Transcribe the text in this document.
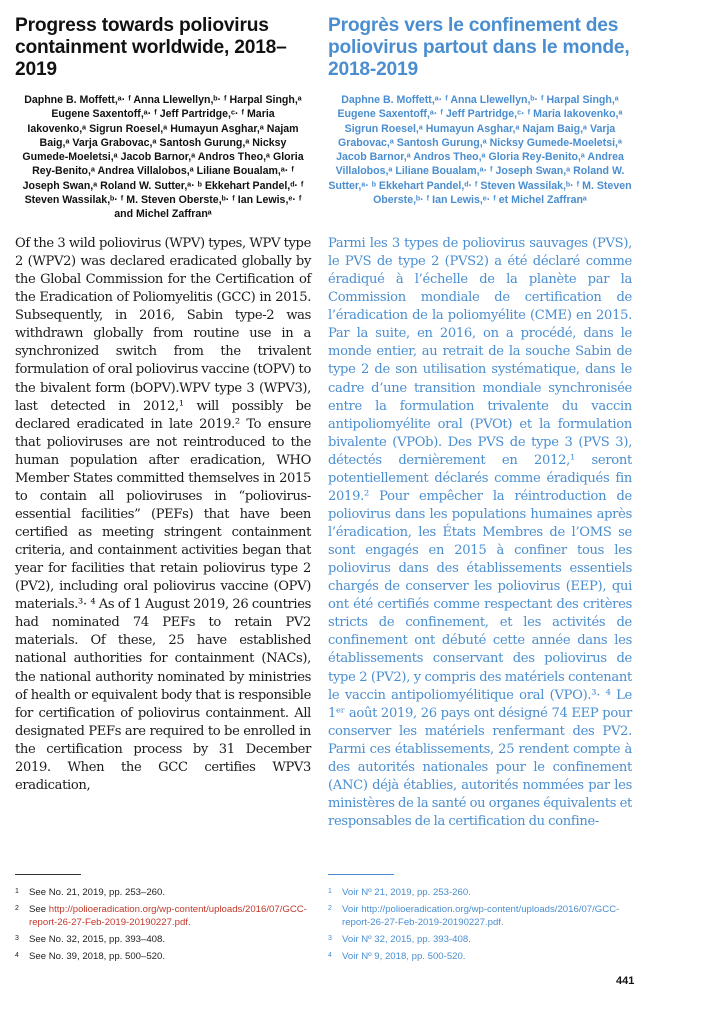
Progress towards poliovirus containment worldwide, 2018–2019

Daphne B. Moffett,ᵃ· ᶠ Anna Llewellyn,ᵇ· ᶠ Harpal Singh,ᵃ Eugene Saxentoff,ᵃ· ᶠ Jeff Partridge,ᶜ· ᶠ Maria Iakovenko,ᵃ Sigrun Roesel,ᵃ Humayun Asghar,ᵃ Najam Baig,ᵃ Varja Grabovac,ᵃ Santosh Gurung,ᵃ Nicksy Gumede-Moeletsi,ᵃ Jacob Barnor,ᵃ Andros Theo,ᵃ Gloria Rey-Benito,ᵃ Andrea Villalobos,ᵃ Liliane Boualam,ᵃ· ᶠ Joseph Swan,ᵃ Roland W. Sutter,ᵃ· ᵇ Ekkehart Pandel,ᵈ· ᶠ Steven Wassilak,ᵇ· ᶠ M. Steven Oberste,ᵇ· ᶠ Ian Lewis,ᵉ· ᶠ and Michel Zaffranᵃ

Of the 3 wild poliovirus (WPV) types, WPV type 2 (WPV2) was declared eradicated globally by the Global Commission for the Certification of the Eradication of Poliomyelitis (GCC) in 2015. Subsequently, in 2016, Sabin type-2 was withdrawn globally from routine use in a synchronized switch from the trivalent formulation of oral poliovirus vaccine (tOPV) to the bivalent form (bOPV).WPV type 3 (WPV3), last detected in 2012,¹ will possibly be declared eradicated in late 2019.² To ensure that polioviruses are not reintroduced to the human population after eradication, WHO Member States committed themselves in 2015 to contain all polioviruses in “poliovirus-essential facilities” (PEFs) that have been certified as meeting stringent containment criteria, and containment activities began that year for facilities that retain poliovirus type 2 (PV2), including oral poliovirus vaccine (OPV) materials.³· ⁴ As of 1 August 2019, 26 countries had nominated 74 PEFs to retain PV2 materials. Of these, 25 have established national authorities for containment (NACs), the national authority nominated by ministries of health or equivalent body that is responsible for certification of poliovirus containment. All designated PEFs are required to be enrolled in the certification process by 31 December 2019. When the GCC certifies WPV3 eradication,

Progrès vers le confinement des poliovirus partout dans le monde, 2018-2019

Daphne B. Moffett,ᵃ· ᶠ Anna Llewellyn,ᵇ· ᶠ Harpal Singh,ᵃ Eugene Saxentoff,ᵃ· ᶠ Jeff Partridge,ᶜ· ᶠ Maria Iakovenko,ᵃ Sigrun Roesel,ᵃ Humayun Asghar,ᵃ Najam Baig,ᵃ Varja Grabovac,ᵃ Santosh Gurung,ᵃ Nicksy Gumede-Moeletsi,ᵃ Jacob Barnor,ᵃ Andros Theo,ᵃ Gloria Rey-Benito,ᵃ Andrea Villalobos,ᵃ Liliane Boualam,ᵃ· ᶠ Joseph Swan,ᵃ Roland W. Sutter,ᵃ· ᵇ Ekkehart Pandel,ᵈ· ᶠ Steven Wassilak,ᵇ· ᶠ M. Steven Oberste,ᵇ· ᶠ Ian Lewis,ᵉ· ᶠ et Michel Zaffranᵃ

Parmi les 3 types de poliovirus sauvages (PVS), le PVS de type 2 (PVS2) a été déclaré comme éradiqué à l’échelle de la planète par la Commission mondiale de certification de l’éradication de la poliomyélite (CME) en 2015. Par la suite, en 2016, on a procédé, dans le monde entier, au retrait de la souche Sabin de type 2 de son utilisation systématique, dans le cadre d’une transition mondiale synchronisée entre la formulation trivalente du vaccin antipoliomyélite oral (PVOt) et la formulation bivalente (VPOb). Des PVS de type 3 (PVS 3), détectés dernièrement en 2012,¹ seront potentiellement déclarés comme éradiqués fin 2019.² Pour empêcher la réintroduction de poliovirus dans les populations humaines après l’éradication, les États Membres de l’OMS se sont engagés en 2015 à confiner tous les poliovirus dans des établissements essentiels chargés de conserver les poliovirus (EEP), qui ont été certifiés comme respectant des critères stricts de confinement, et les activités de confinement ont débuté cette année dans les établissements conservant des poliovirus de type 2 (PV2), y compris des matériels contenant le vaccin antipoliomyélitique oral (VPO).³· ⁴ Le 1ᵉʳ août 2019, 26 pays ont désigné 74 EEP pour conserver les matériels renfermant des PV2. Parmi ces établissements, 25 rendent compte à des autorités nationales pour le confinement (ANC) déjà établies, autorités nommées par les ministères de la santé ou organes équivalents et responsables de la certification du confine-

1	See No. 21, 2019, pp. 253–260.
2	See http://polioeradication.org/wp-content/uploads/2016/07/GCC-report-26-27-Feb-2019-20190227.pdf.
3	See No. 32, 2015, pp. 393–408.
4	See No. 39, 2018, pp. 500–520.
1	Voir Nº 21, 2019, pp. 253-260.
2	Voir http://polioeradication.org/wp-content/uploads/2016/07/GCC-report-26-27-Feb-2019-20190227.pdf.
3	Voir Nº 32, 2015, pp. 393-408.
4	Voir Nº 9, 2018, pp. 500-520.
441
